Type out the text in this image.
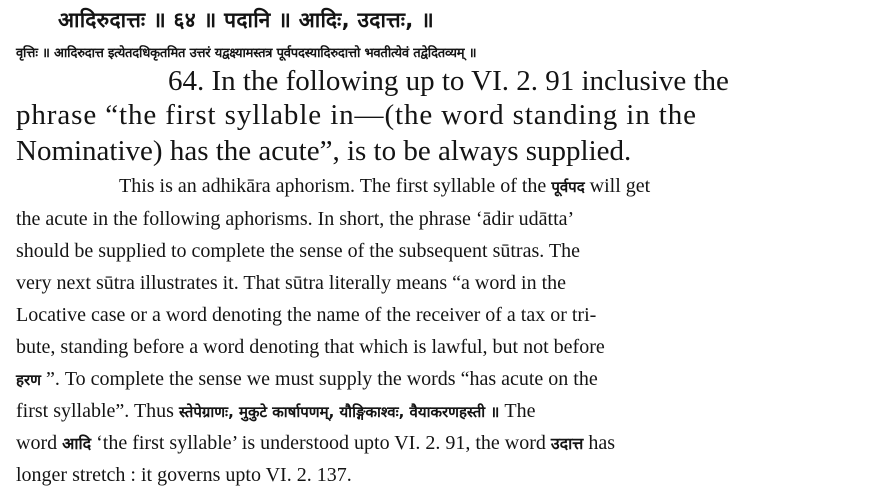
आदिरुदात्तः ॥ ६४ ॥ पदानि ॥ आदिः, उदात्तः, ॥
वृत्तिः ॥ आदिरुदात्त इत्येतदधिकृतमित उत्तरं यद्वक्ष्यामस्तत्र पूर्वपदस्यादिरुदात्तो भवतीत्येवं तद्वेदितव्यम् ॥
64. In the following up to VI. 2. 91 inclusive the
phrase “the first syllable in—(the word standing in the
Nominative) has the acute”, is to be always supplied.
This is an adhikāra aphorism. The first syllable of the पूर्वपद will get
the acute in the following aphorisms. In short, the phrase ‘ādir udātta’
should be supplied to complete the sense of the subsequent sūtras. The
very next sūtra illustrates it. That sūtra literally means “a word in the
Locative case or a word denoting the name of the receiver of a tax or tri-
bute, standing before a word denoting that which is lawful, but not before
हरण ”. To complete the sense we must supply the words “has acute on the
first syllable”. Thus स्तेपेग्राणः, मुकुटे कार्षापणम्, यौङ्गिकाश्वः, वैयाकरणहस्ती ॥ The
word आदि ‘the first syllable’ is understood upto VI. 2. 91, the word उदात्त has
longer stretch : it governs upto VI. 2. 137.
